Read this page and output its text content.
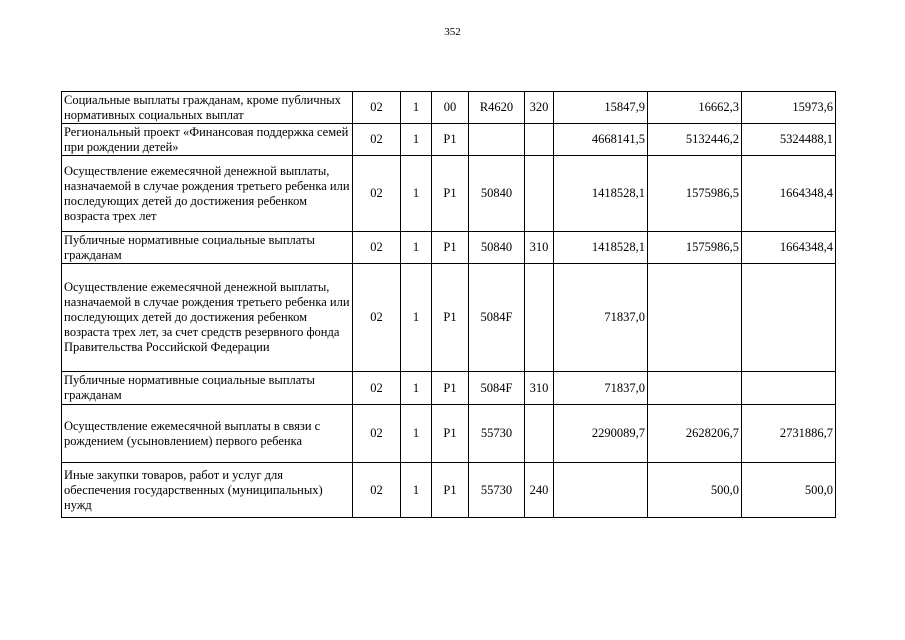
352
Социальные выплаты гражданам, кроме публичных нормативных социальных выплат	02	1	00	R4620	320	15847,9	16662,3	15973,6
Региональный проект «Финансовая поддержка семей при рождении детей»	02	1	P1			4668141,5	5132446,2	5324488,1
Осуществление ежемесячной денежной выплаты, назначаемой в случае рождения третьего ребенка или последующих детей до достижения ребенком возраста трех лет	02	1	P1	50840		1418528,1	1575986,5	1664348,4
Публичные нормативные социальные выплаты гражданам	02	1	P1	50840	310	1418528,1	1575986,5	1664348,4
Осуществление ежемесячной денежной выплаты, назначаемой в случае рождения третьего ребенка или последующих детей до достижения ребенком возраста трех лет, за счет средств резервного фонда Правительства Российской Федерации	02	1	P1	5084F		71837,0		
Публичные нормативные социальные выплаты гражданам	02	1	P1	5084F	310	71837,0		
Осуществление ежемесячной выплаты в связи с рождением (усыновлением) первого ребенка	02	1	P1	55730		2290089,7	2628206,7	2731886,7
Иные закупки товаров, работ и услуг для обеспечения государственных (муниципальных) нужд	02	1	P1	55730	240		500,0	500,0
